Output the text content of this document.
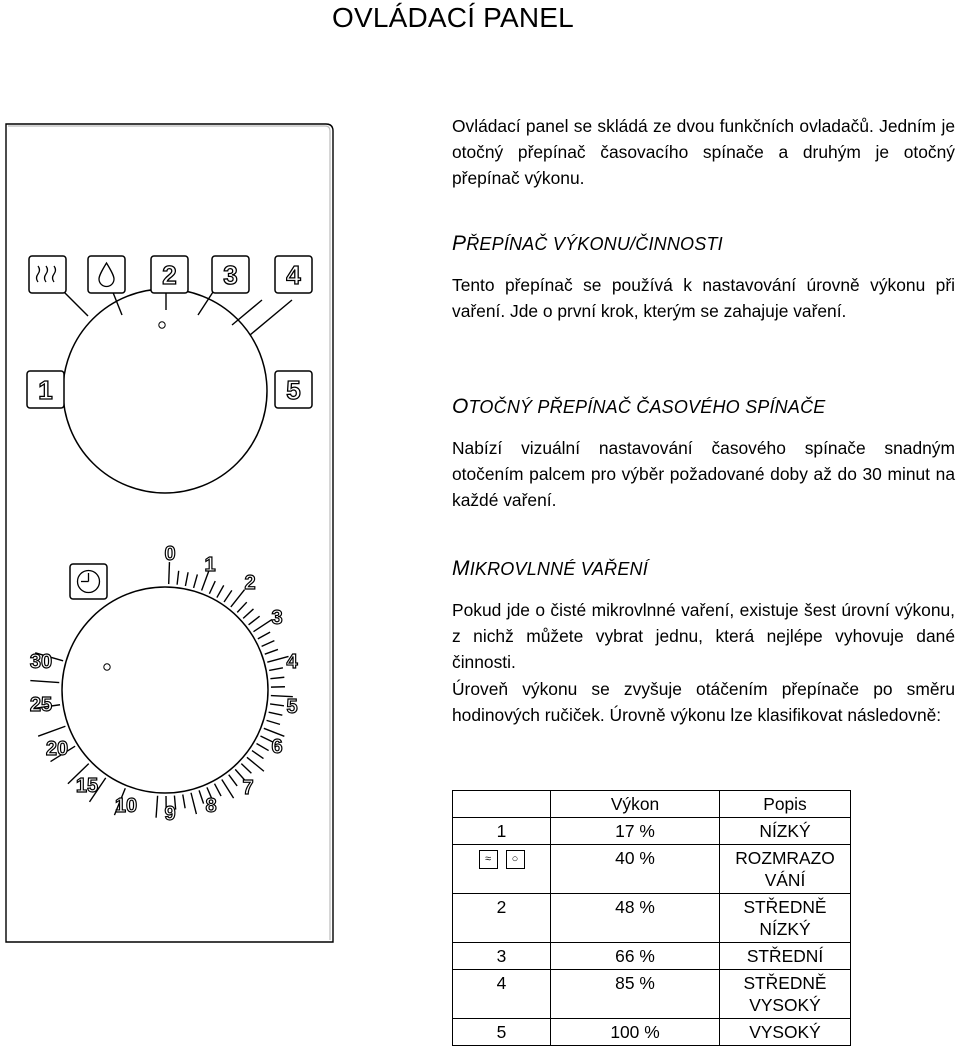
OVLÁDACÍ PANEL
2 3 4
1	5
0 1
2
3
4
5
6
7
8
9
10
15
20
25
30

Ovládací panel se skládá ze dvou funkčních ovladačů. Jedním je otočný přepínač časovacího spínače a druhým je otočný přepínač výkonu.

PŘEPÍNAČ VÝKONU/ČINNOSTI

Tento přepínač se používá k nastavování úrovně výkonu při vaření. Jde o první krok, kterým se zahajuje vaření.

OTOČNÝ PŘEPÍNAČ ČASOVÉHO SPÍNAČE

Nabízí vizuální nastavování časového spínače snadným otočením palcem pro výběr požadované doby až do 30 minut na každé vaření.

MIKROVLNNÉ VAŘENÍ

Pokud jde o čisté mikrovlnné vaření, existuje šest úrovní výkonu, z nichž můžete vybrat jednu, která nejlépe vyhovuje dané činnosti.

Úroveň výkonu se zvyšuje otáčením přepínače po směru hodinových ručiček. Úrovně výkonu lze klasifikovat následovně:

	Výkon	Popis
1	17 %	NÍZKÝ
≈ ○	40 %	ROZMRAZO
VÁNÍ
2	48 %	STŘEDNĚ
NÍZKÝ
3	66 %	STŘEDNÍ
4	85 %	STŘEDNĚ
VYSOKÝ
5	100 %	VYSOKÝ
